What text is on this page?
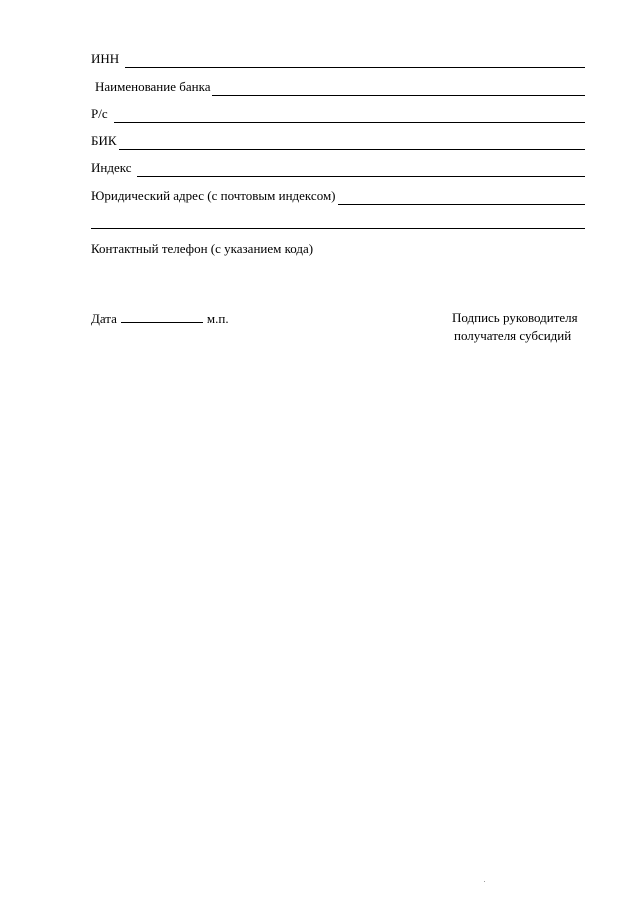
ИНН
Наименование банка
Р/с
БИК
Индекс
Юридический адрес (с почтовым индексом)
Контактный телефон (с указанием кода)
Дата	м.п.	Подпись руководителя
получателя субсидий
